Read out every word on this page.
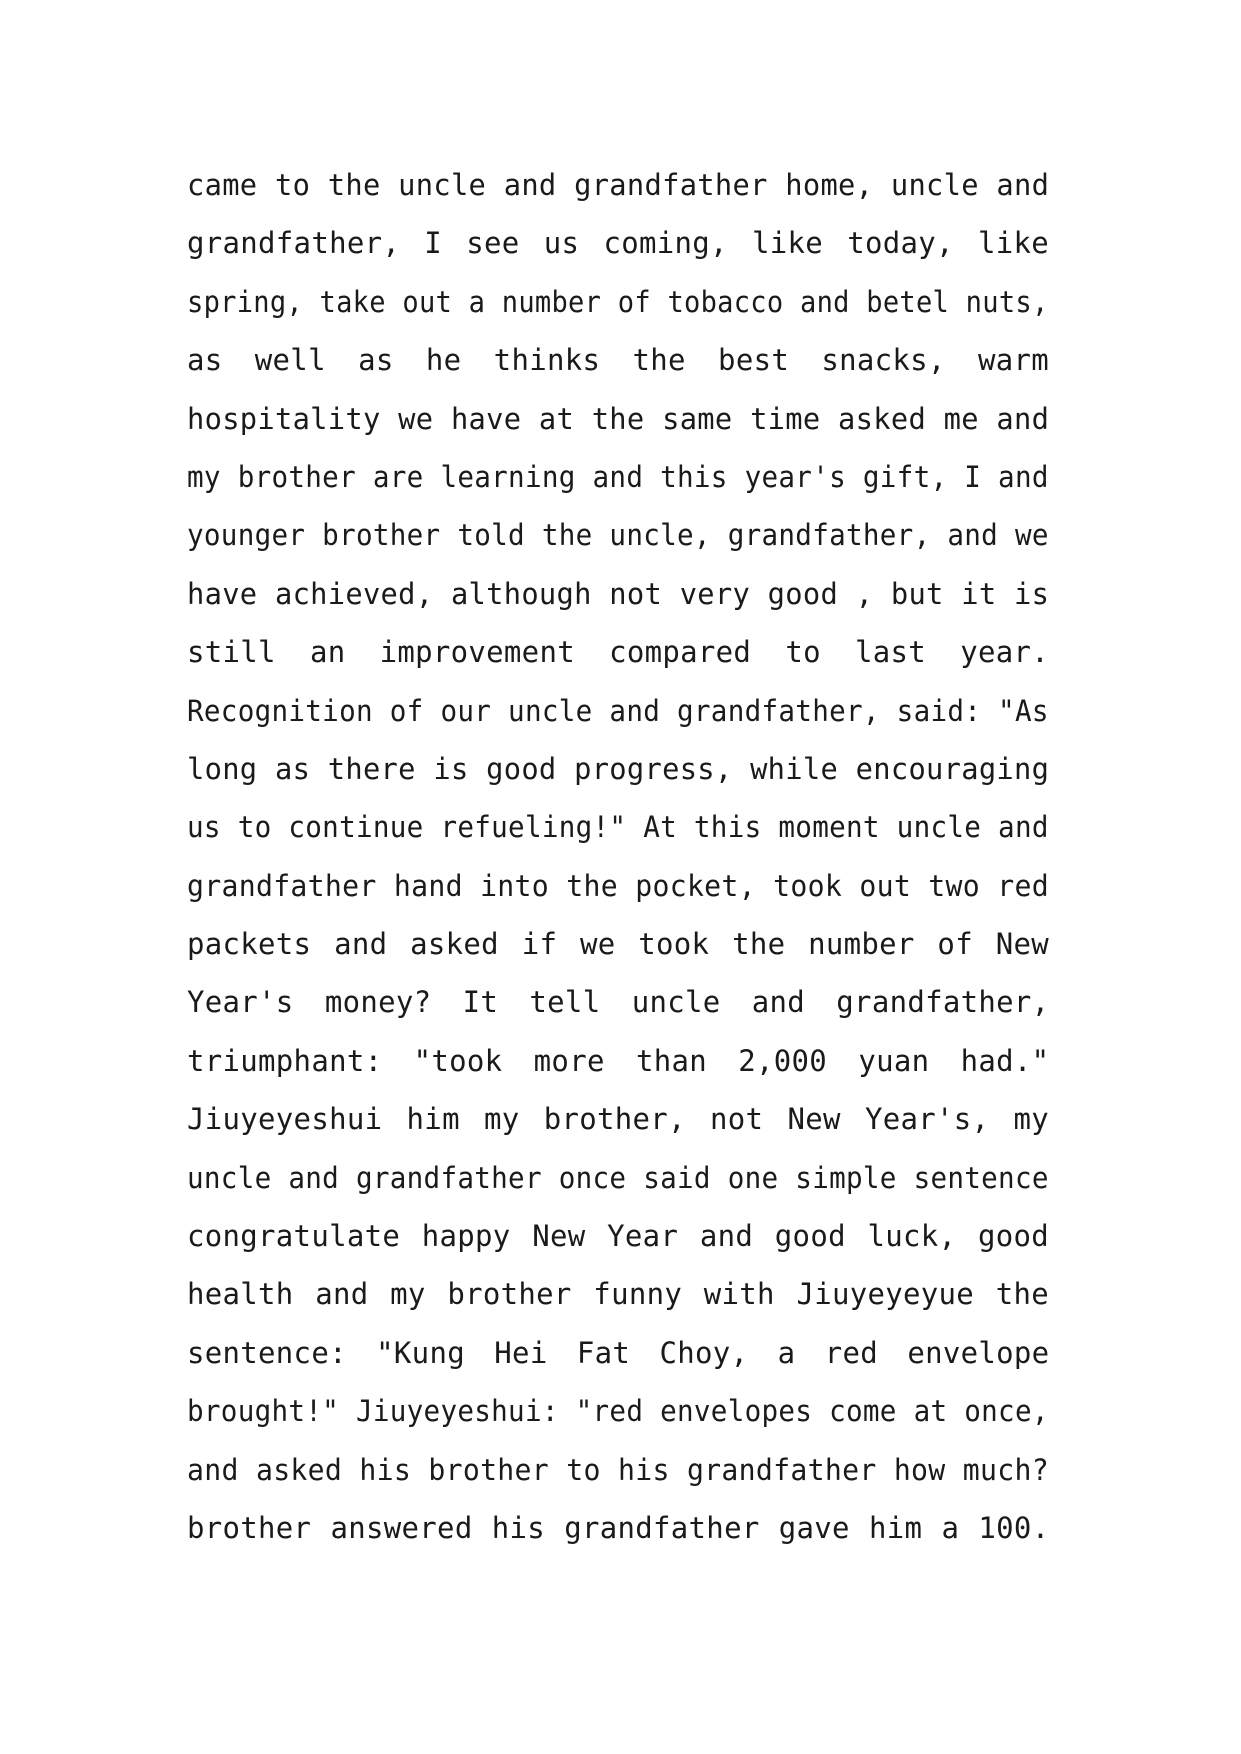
came to the uncle and grandfather home, uncle and
grandfather, I see us coming, like today, like
spring, take out a number of tobacco and betel nuts,
as well as he thinks the best snacks, warm
hospitality we have at the same time asked me and
my brother are learning and this year's gift, I and
younger brother told the uncle, grandfather, and we
have achieved, although not very good , but it is
still an improvement compared to last year.
Recognition of our uncle and grandfather, said: "As
long as there is good progress, while encouraging
us to continue refueling!" At this moment uncle and
grandfather hand into the pocket, took out two red
packets and asked if we took the number of New
Year's money? It tell uncle and grandfather,
triumphant: "took more than 2,000 yuan had."
Jiuyeyeshui him my brother, not New Year's, my
uncle and grandfather once said one simple sentence
congratulate happy New Year and good luck, good
health and my brother funny with Jiuyeyeyue the
sentence: "Kung Hei Fat Choy, a red envelope
brought!" Jiuyeyeshui: "red envelopes come at once,
and asked his brother to his grandfather how much?
brother answered his grandfather gave him a 100.
